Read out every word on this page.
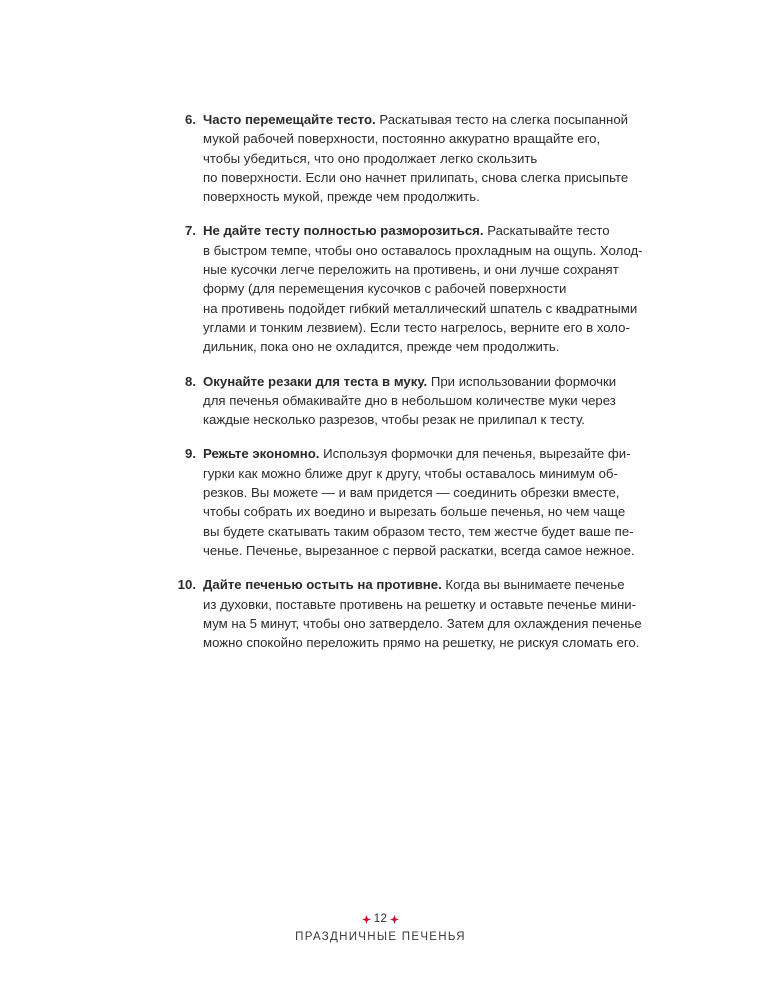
6. Часто перемещайте тесто. Раскатывая тесто на слегка посыпанной
мукой рабочей поверхности, постоянно аккуратно вращайте его,
чтобы убедиться, что оно продолжает легко скользить
по поверхности. Если оно начнет прилипать, снова слегка присыпьте
поверхность мукой, прежде чем продолжить.
7. Не дайте тесту полностью разморозиться. Раскатывайте тесто
в быстром темпе, чтобы оно оставалось прохладным на ощупь. Холод-
ные кусочки легче переложить на противень, и они лучше сохранят
форму (для перемещения кусочков с рабочей поверхности
на противень подойдет гибкий металлический шпатель с квадратными
углами и тонким лезвием). Если тесто нагрелось, верните его в холо-
дильник, пока оно не охладится, прежде чем продолжить.
8. Окунайте резаки для теста в муку. При использовании формочки
для печенья обмакивайте дно в небольшом количестве муки через
каждые несколько разрезов, чтобы резак не прилипал к тесту.
9. Режьте экономно. Используя формочки для печенья, вырезайте фи-
гурки как можно ближе друг к другу, чтобы оставалось минимум об-
резков. Вы можете — и вам придется — соединить обрезки вместе,
чтобы собрать их воедино и вырезать больше печенья, но чем чаще
вы будете скатывать таким образом тесто, тем жестче будет ваше пе-
ченье. Печенье, вырезанное с первой раскатки, всегда самое нежное.
10. Дайте печенью остыть на противне. Когда вы вынимаете печенье
из духовки, поставьте противень на решетку и оставьте печенье мини-
мум на 5 минут, чтобы оно затвердело. Затем для охлаждения печенье
можно спокойно переложить прямо на решетку, не рискуя сломать его.
12
ПРАЗДНИЧНЫЕ ПЕЧЕНЬЯ
